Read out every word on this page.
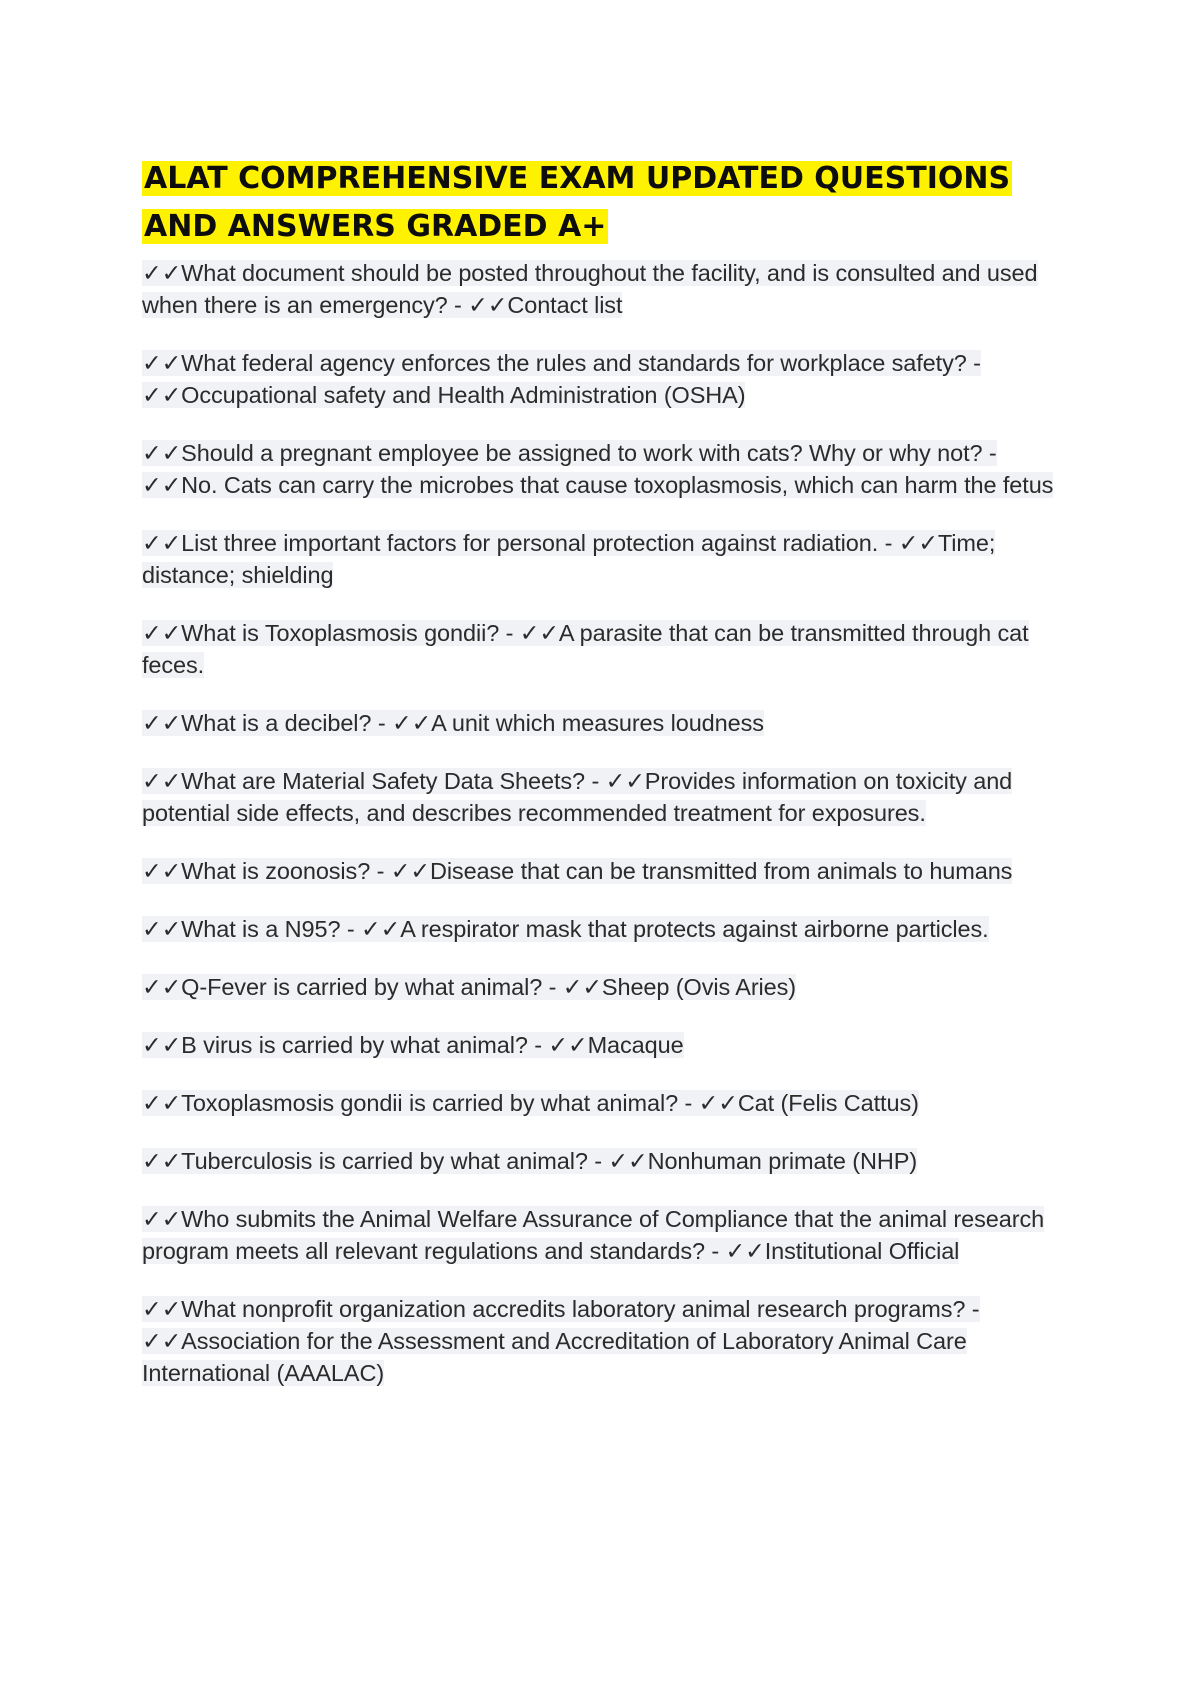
ALAT COMPREHENSIVE EXAM UPDATED QUESTIONS AND ANSWERS GRADED A+
✓✓What document should be posted throughout the facility, and is consulted and used when there is an emergency? - ✓✓Contact list
✓✓What federal agency enforces the rules and standards for workplace safety? - ✓✓Occupational safety and Health Administration (OSHA)
✓✓Should a pregnant employee be assigned to work with cats? Why or why not? - ✓✓No. Cats can carry the microbes that cause toxoplasmosis, which can harm the fetus
✓✓List three important factors for personal protection against radiation. - ✓✓Time; distance; shielding
✓✓What is Toxoplasmosis gondii? - ✓✓A parasite that can be transmitted through cat feces.
✓✓What is a decibel? - ✓✓A unit which measures loudness
✓✓What are Material Safety Data Sheets? - ✓✓Provides information on toxicity and potential side effects, and describes recommended treatment for exposures.
✓✓What is zoonosis? - ✓✓Disease that can be transmitted from animals to humans
✓✓What is a N95? - ✓✓A respirator mask that protects against airborne particles.
✓✓Q-Fever is carried by what animal? - ✓✓Sheep (Ovis Aries)
✓✓B virus is carried by what animal? - ✓✓Macaque
✓✓Toxoplasmosis gondii is carried by what animal? - ✓✓Cat (Felis Cattus)
✓✓Tuberculosis is carried by what animal? - ✓✓Nonhuman primate (NHP)
✓✓Who submits the Animal Welfare Assurance of Compliance that the animal research program meets all relevant regulations and standards? - ✓✓Institutional Official
✓✓What nonprofit organization accredits laboratory animal research programs? - ✓✓Association for the Assessment and Accreditation of Laboratory Animal Care International (AAALAC)
